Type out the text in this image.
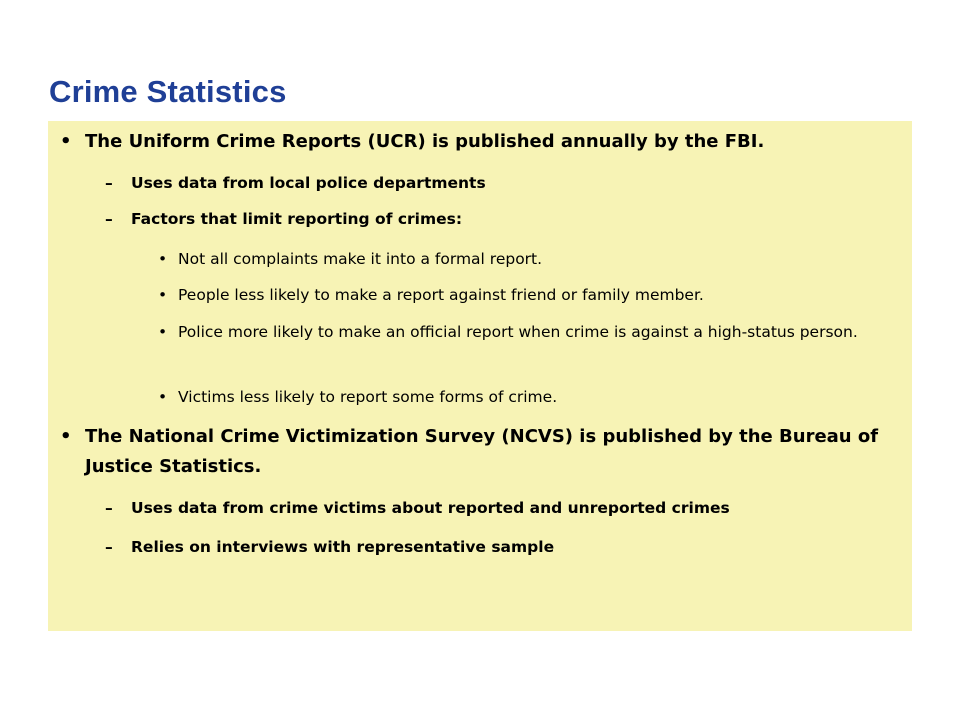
Crime Statistics
• The Uniform Crime Reports (UCR) is published annually by the FBI.
– Uses data from local police departments
– Factors that limit reporting of crimes:
• Not all complaints make it into a formal report.
• People less likely to make a report against friend or family member.
• Police more likely to make an official report when crime is against a high-status person.
• Victims less likely to report some forms of crime.
• The National Crime Victimization Survey (NCVS) is published by the Bureau of Justice Statistics.
– Uses data from crime victims about reported and unreported crimes
– Relies on interviews with representative sample
